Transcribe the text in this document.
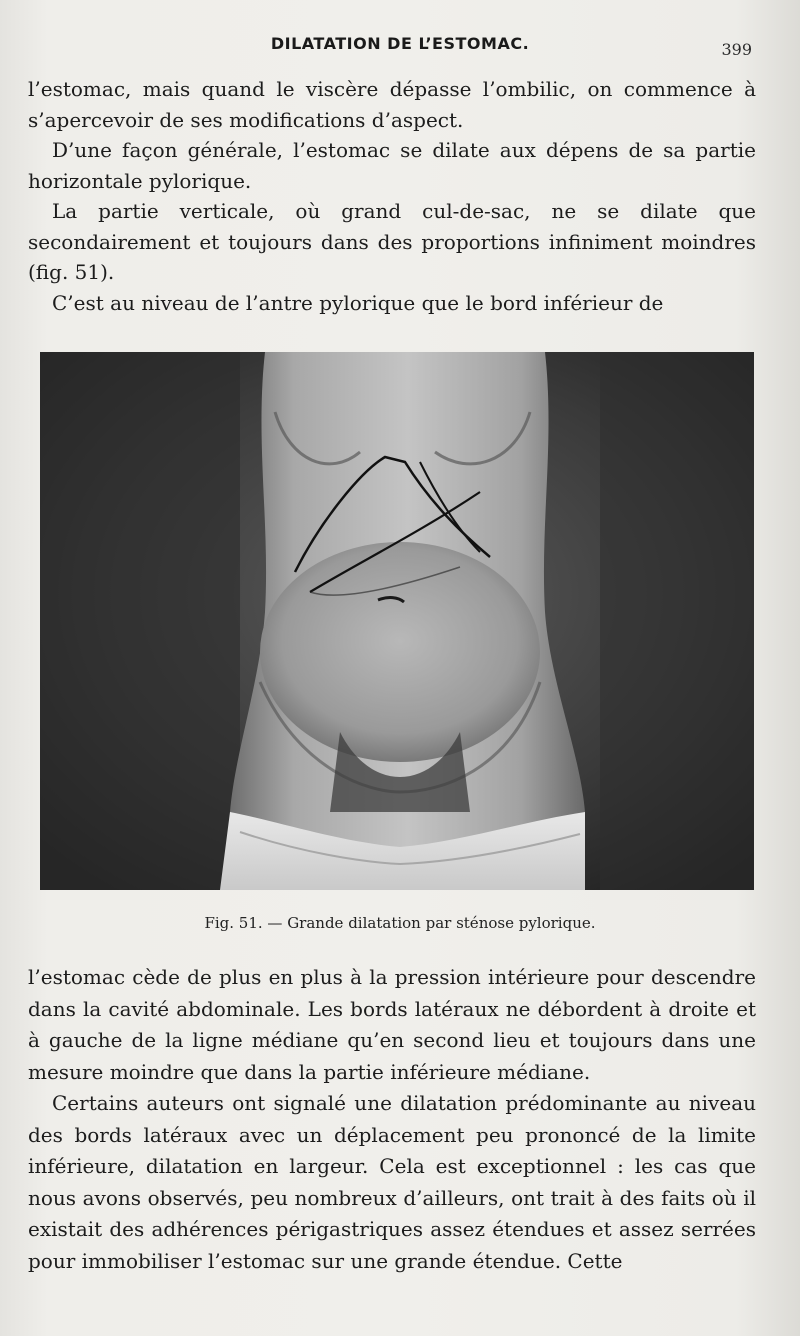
DILATATION DE L’ESTOMAC.	399

l’estomac, mais quand le viscère dépasse l’ombilic, on commence à s’apercevoir de ses modifications d’aspect.

D’une façon générale, l’estomac se dilate aux dépens de sa partie horizontale pylorique.

La partie verticale, où grand cul-de-sac, ne se dilate que secondairement et toujours dans des proportions infiniment moindres (fig. 51).

C’est au niveau de l’antre pylorique que le bord inférieur de

Fig. 51. — Grande dilatation par sténose pylorique.

l’estomac cède de plus en plus à la pression intérieure pour descendre dans la cavité abdominale. Les bords latéraux ne débordent à droite et à gauche de la ligne médiane qu’en second lieu et toujours dans une mesure moindre que dans la partie inférieure médiane.

Certains auteurs ont signalé une dilatation prédominante au niveau des bords latéraux avec un déplacement peu prononcé de la limite inférieure, dilatation en largeur. Cela est exceptionnel : les cas que nous avons observés, peu nombreux d’ailleurs, ont trait à des faits où il existait des adhérences périgastriques assez étendues et assez serrées pour immobiliser l’estomac sur une grande étendue. Cette
